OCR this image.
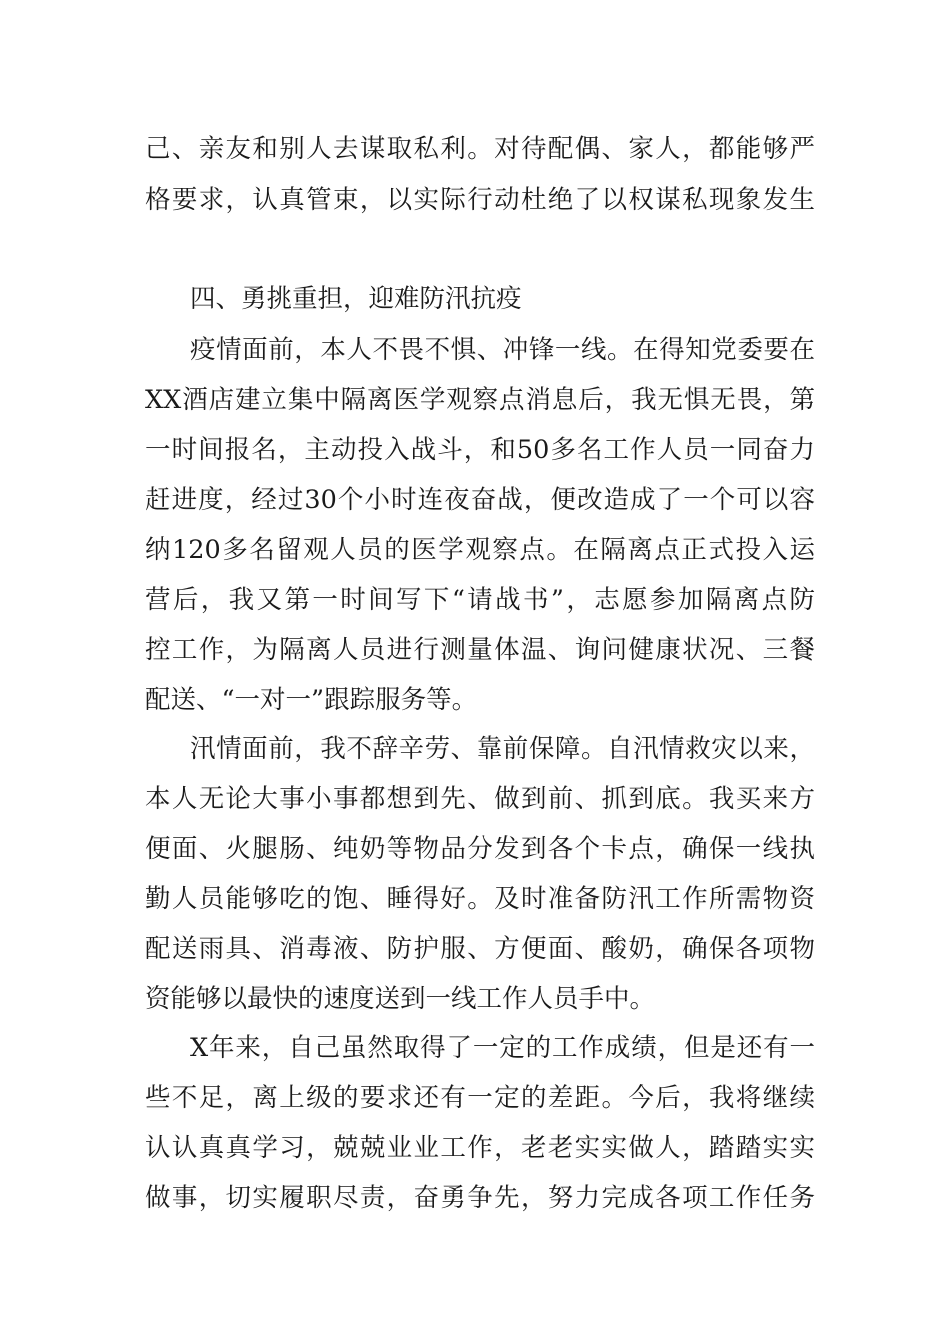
己、亲友和别人去谋取私利。对待配偶、家人，都能够严
格要求，认真管束，以实际行动杜绝了以权谋私现象发生
四、勇挑重担，迎难防汛抗疫
疫情面前，本人不畏不惧、冲锋一线。在得知党委要在
XX酒店建立集中隔离医学观察点消息后，我无惧无畏，第
一时间报名，主动投入战斗，和50多名工作人员一同奋力
赶进度，经过30个小时连夜奋战，便改造成了一个可以容
纳120多名留观人员的医学观察点。在隔离点正式投入运
营后，我又第一时间写下“请战书”，志愿参加隔离点防
控工作，为隔离人员进行测量体温、询问健康状况、三餐
配送、“一对一”跟踪服务等。
汛情面前，我不辞辛劳、靠前保障。自汛情救灾以来，
本人无论大事小事都想到先、做到前、抓到底。我买来方
便面、火腿肠、纯奶等物品分发到各个卡点，确保一线执
勤人员能够吃的饱、睡得好。及时准备防汛工作所需物资
配送雨具、消毒液、防护服、方便面、酸奶，确保各项物
资能够以最快的速度送到一线工作人员手中。
X年来，自己虽然取得了一定的工作成绩，但是还有一
些不足，离上级的要求还有一定的差距。今后，我将继续
认认真真学习，兢兢业业工作，老老实实做人，踏踏实实
做事，切实履职尽责，奋勇争先，努力完成各项工作任务
